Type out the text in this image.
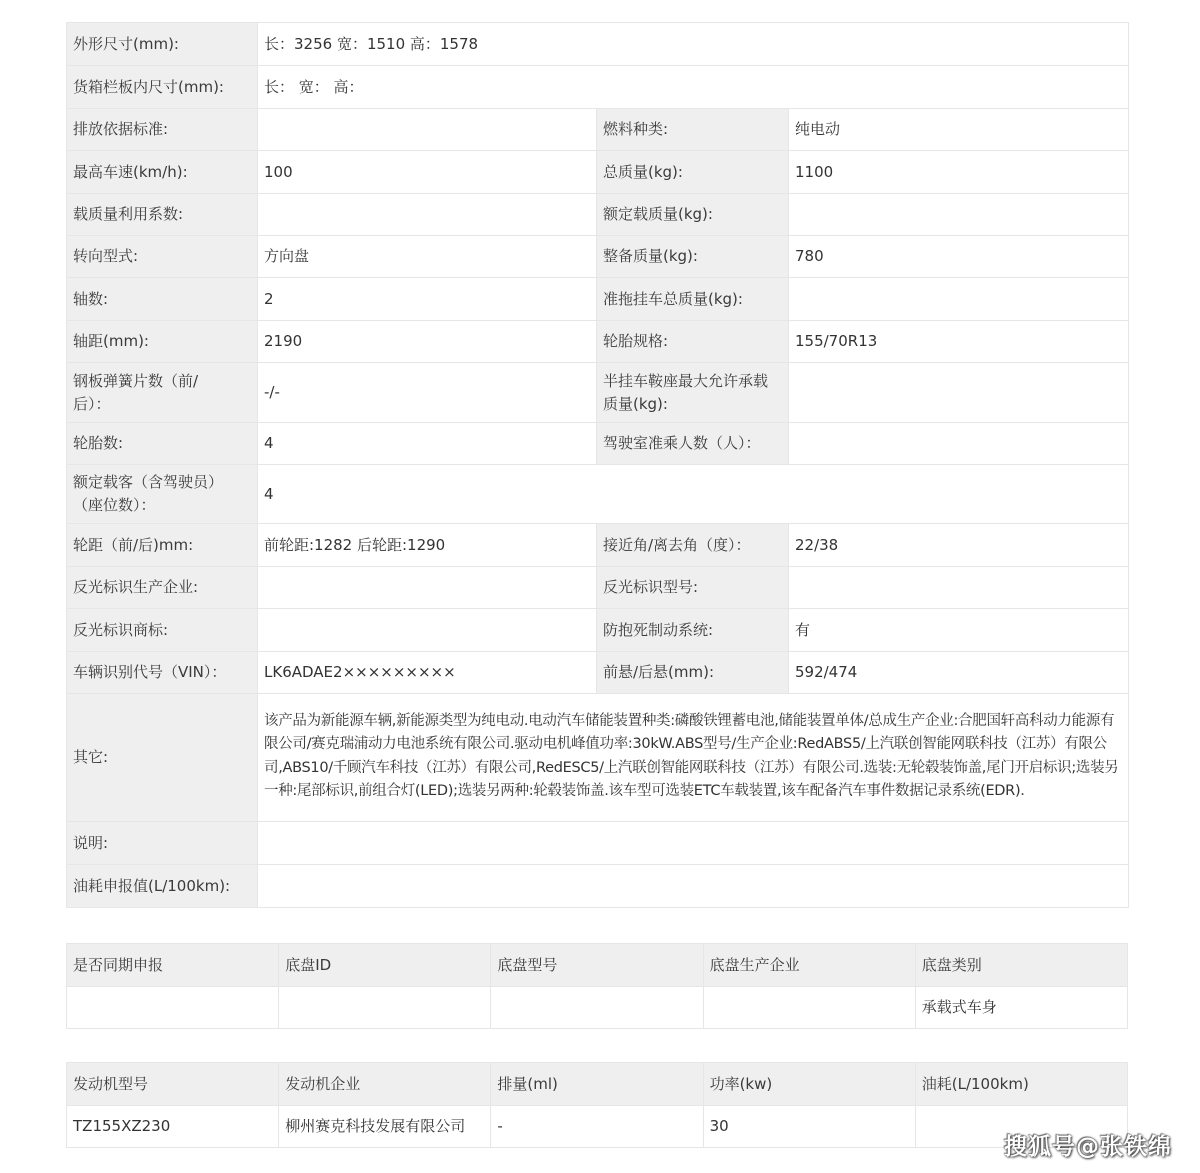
外形尺寸(mm):	长：3256 宽：1510 高：1578		
货箱栏板内尺寸(mm):	长： 宽： 高：		
排放依据标准:		燃料种类:	纯电动
最高车速(km/h):	100	总质量(kg):	1100
载质量利用系数:		额定载质量(kg):	
转向型式:	方向盘	整备质量(kg):	780
轴数:	2	准拖挂车总质量(kg):	
轴距(mm):	2190	轮胎规格:	155/70R13
钢板弹簧片数（前/后）：	-/-	半挂车鞍座最大允许承载质量(kg):	
轮胎数:	4	驾驶室准乘人数（人）：	
额定载客（含驾驶员）（座位数）：	4		
轮距（前/后)mm:	前轮距:1282 后轮距:1290	接近角/离去角（度）：	22/38
反光标识生产企业:		反光标识型号:	
反光标识商标:		防抱死制动系统:	有
车辆识别代号（VIN）：	LK6ADAE2×××××××××	前悬/后悬(mm):	592/474
其它:	该产品为新能源车辆,新能源类型为纯电动.电动汽车储能装置种类:磷酸铁锂蓄电池,储能装置单体/总成生产企业:合肥国轩高科动力能源有限公司/赛克瑞浦动力电池系统有限公司.驱动电机峰值功率:30kW.ABS型号/生产企业:RedABS5/上汽联创智能网联科技（江苏）有限公司,ABS10/千顾汽车科技（江苏）有限公司,RedESC5/上汽联创智能网联科技（江苏）有限公司.选装:无轮毂装饰盖,尾门开启标识;选装另一种:尾部标识,前组合灯(LED);选装另两种:轮毂装饰盖.该车型可选装ETC车载装置,该车配备汽车事件数据记录系统(EDR).		
说明:			
油耗申报值(L/100km):			
是否同期申报	底盘ID	底盘型号	底盘生产企业	底盘类别
				承载式车身
发动机型号	发动机企业	排量(ml)	功率(kw)	油耗(L/100km)
TZ155XZ230	柳州赛克科技发展有限公司	-	30	
搜狐号@张铁绵
